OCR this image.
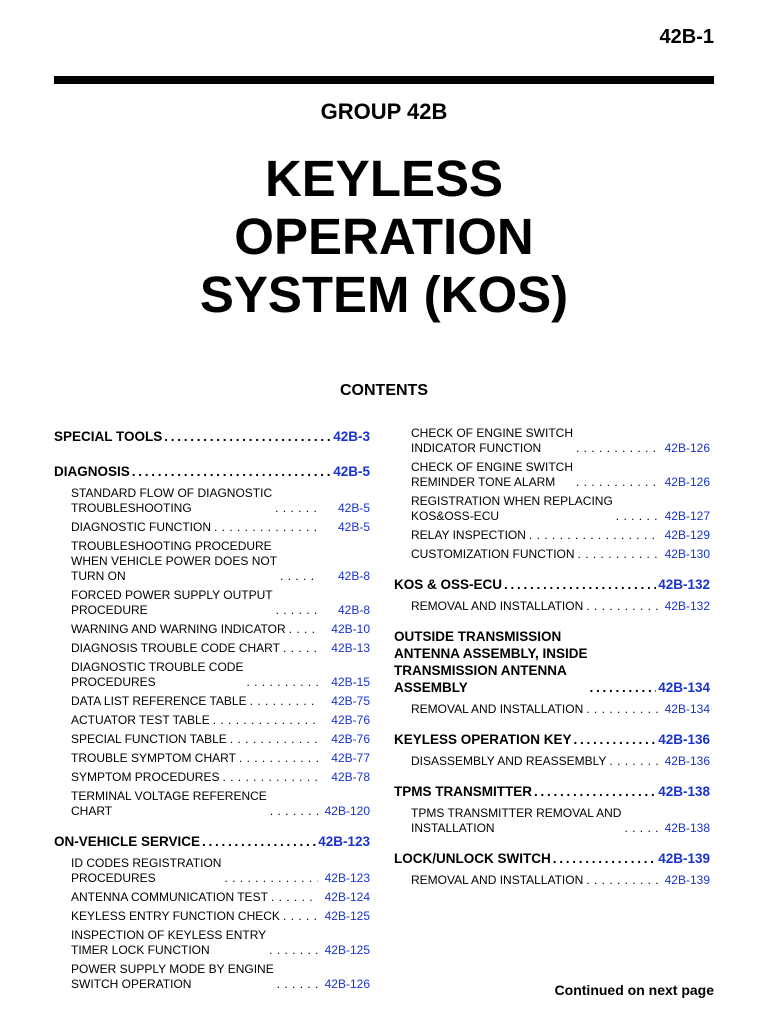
42B-1
GROUP 42B
KEYLESS
OPERATION
SYSTEM (KOS)
CONTENTS
SPECIAL TOOLS . . .	42B-3
DIAGNOSIS . . .	42B-5
STANDARD FLOW OF DIAGNOSTIC
TROUBLESHOOTING . . .	42B-5
DIAGNOSTIC FUNCTION . . .	42B-5
TROUBLESHOOTING PROCEDURE
WHEN VEHICLE POWER DOES NOT
TURN ON . . .	42B-8
FORCED POWER SUPPLY OUTPUT
PROCEDURE . . .	42B-8
WARNING AND WARNING INDICATOR . . .	42B-10
DIAGNOSIS TROUBLE CODE CHART . . .	42B-13
DIAGNOSTIC TROUBLE CODE
PROCEDURES . . .	42B-15
DATA LIST REFERENCE TABLE . . .	42B-75
ACTUATOR TEST TABLE . . .	42B-76
SPECIAL FUNCTION TABLE . . .	42B-76
TROUBLE SYMPTOM CHART . . .	42B-77
SYMPTOM PROCEDURES . . .	42B-78
TERMINAL VOLTAGE REFERENCE
CHART . . .	42B-120
ON-VEHICLE SERVICE . . .	42B-123
ID CODES REGISTRATION
PROCEDURES . . .	42B-123
ANTENNA COMMUNICATION TEST . . .	42B-124
KEYLESS ENTRY FUNCTION CHECK . . .	42B-125
INSPECTION OF KEYLESS ENTRY
TIMER LOCK FUNCTION . . .	42B-125
POWER SUPPLY MODE BY ENGINE
SWITCH OPERATION . . .	42B-126
CHECK OF ENGINE SWITCH
INDICATOR FUNCTION . . .	42B-126
CHECK OF ENGINE SWITCH
REMINDER TONE ALARM . . .	42B-126
REGISTRATION WHEN REPLACING
KOS&OSS-ECU . . .	42B-127
RELAY INSPECTION . . .	42B-129
CUSTOMIZATION FUNCTION . . .	42B-130
KOS & OSS-ECU . . .	42B-132
REMOVAL AND INSTALLATION . . .	42B-132
OUTSIDE TRANSMISSION
ANTENNA ASSEMBLY, INSIDE
TRANSMISSION ANTENNA
ASSEMBLY . . .	42B-134
REMOVAL AND INSTALLATION . . .	42B-134
KEYLESS OPERATION KEY . . .	42B-136
DISASSEMBLY AND REASSEMBLY . . .	42B-136
TPMS TRANSMITTER . . .	42B-138
TPMS TRANSMITTER REMOVAL AND
INSTALLATION . . .	42B-138
LOCK/UNLOCK SWITCH . . .	42B-139
REMOVAL AND INSTALLATION . . .	42B-139
Continued on next page
